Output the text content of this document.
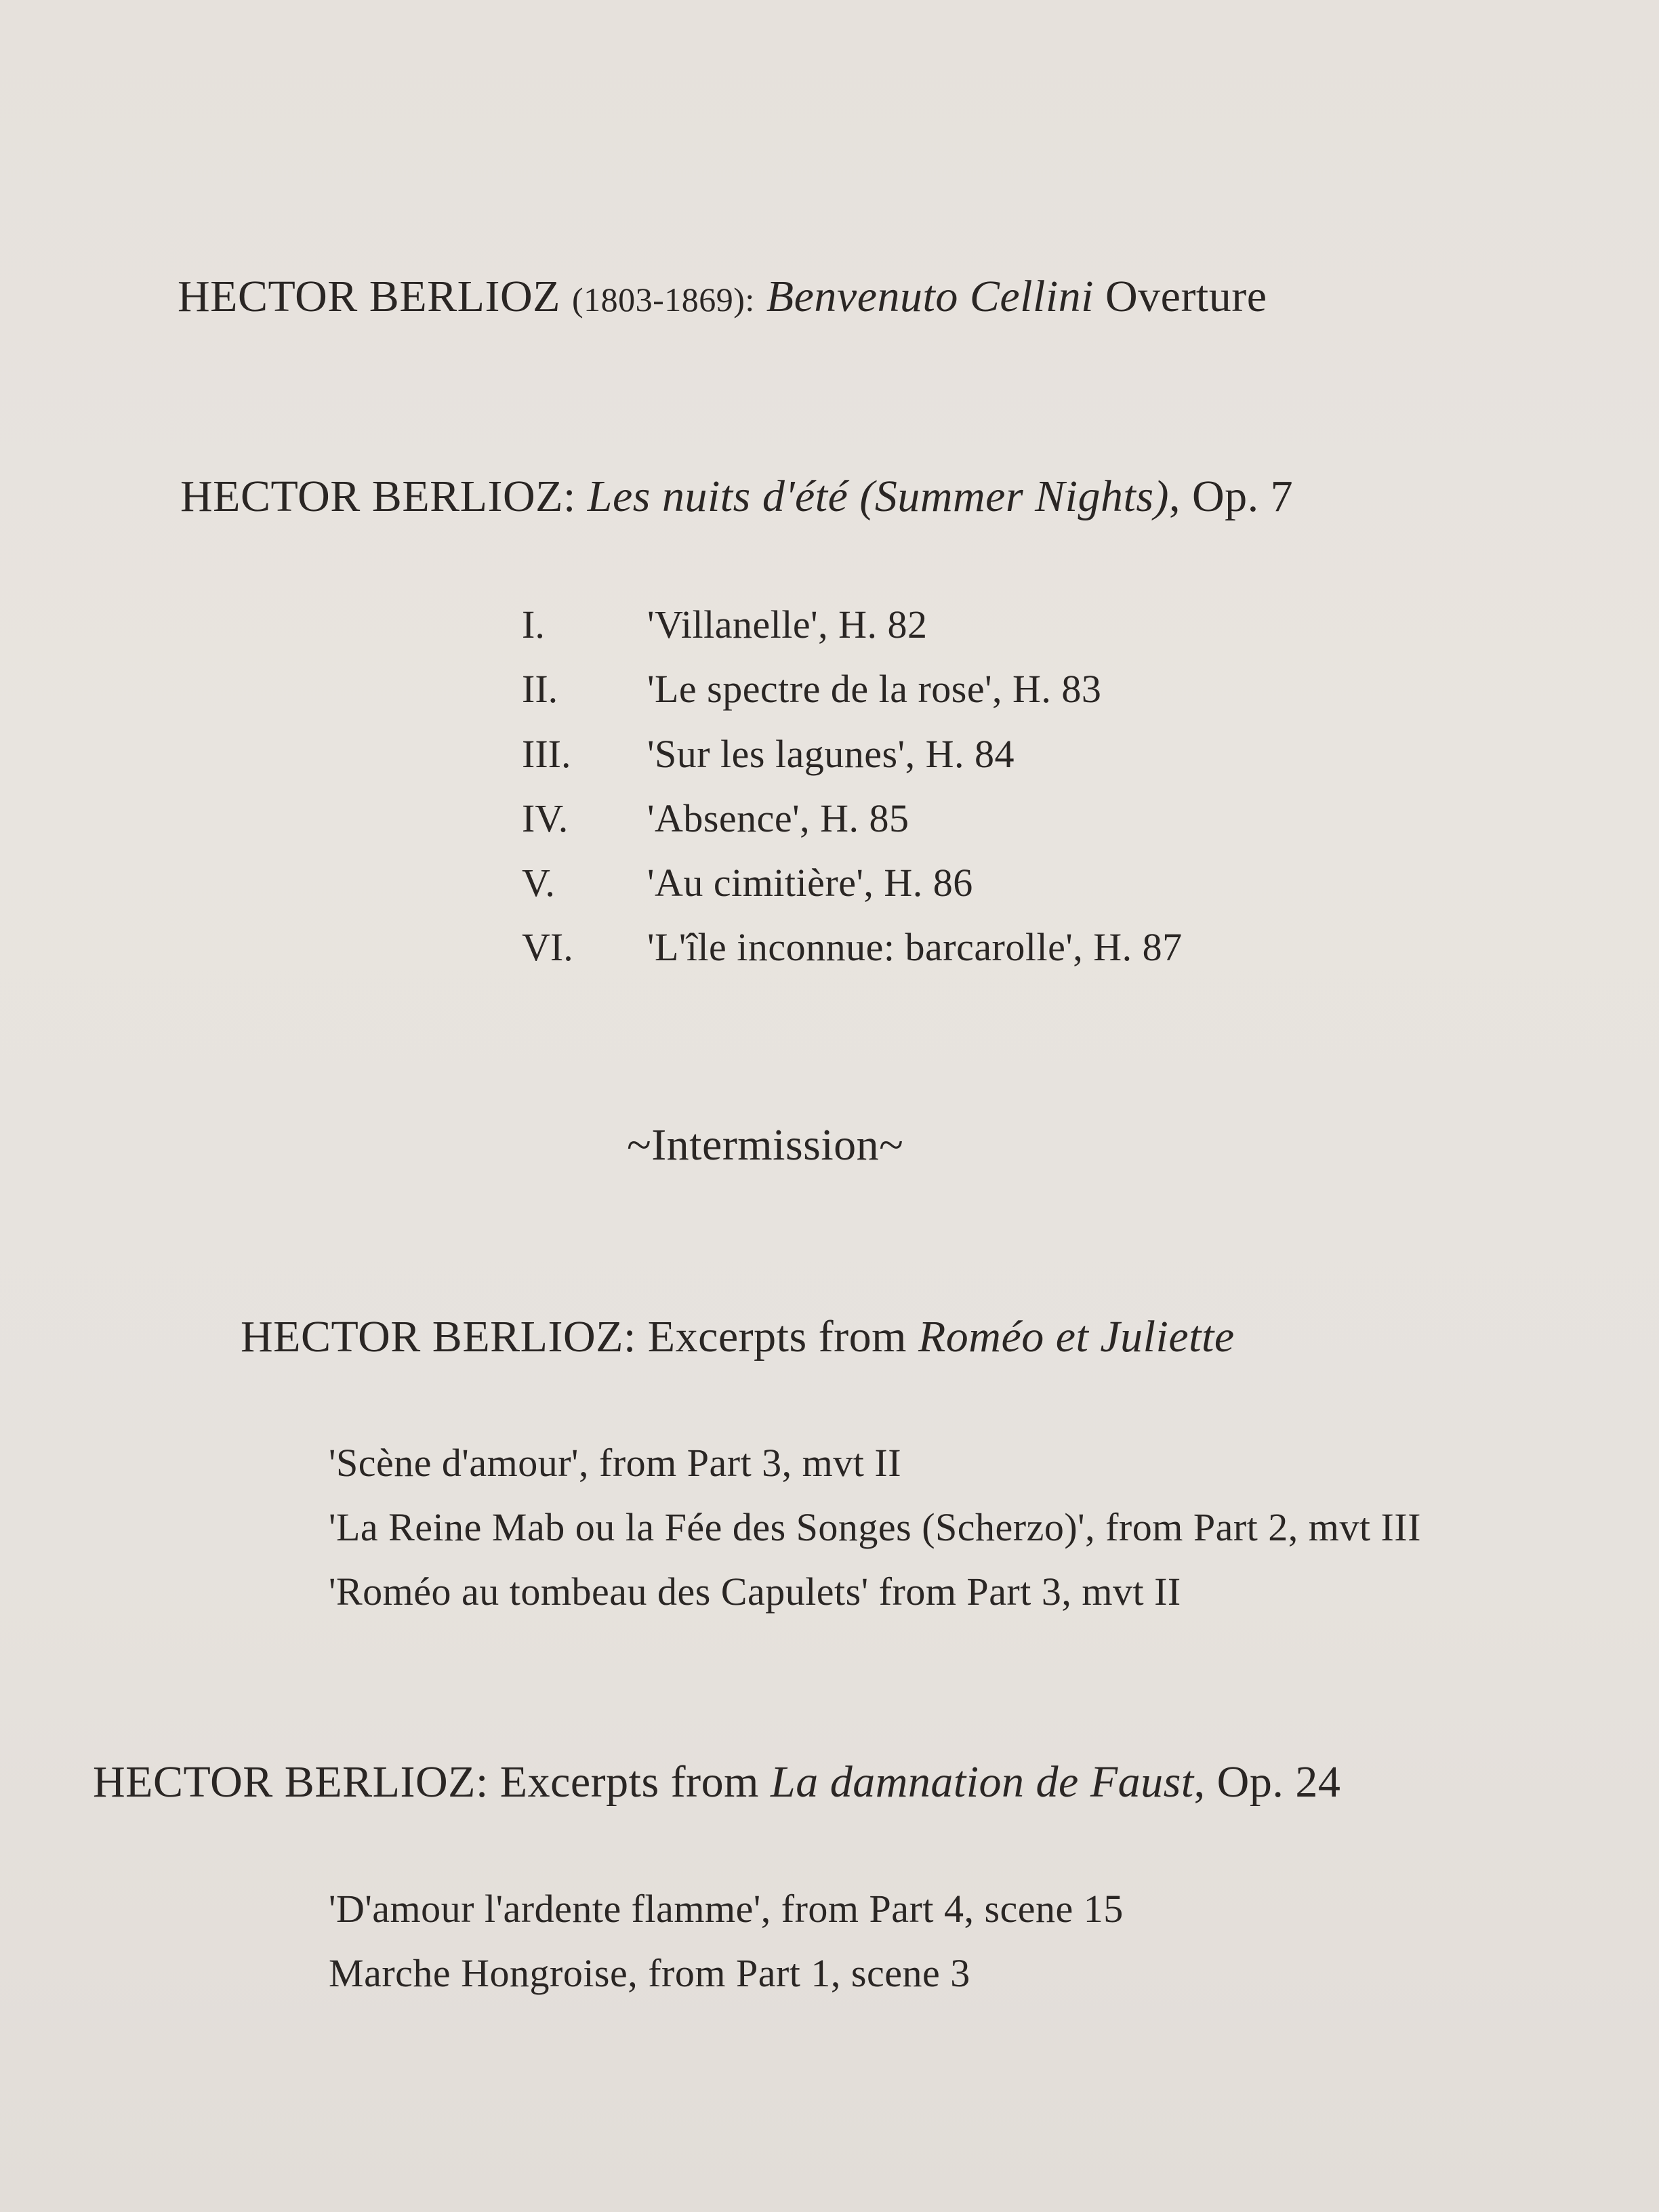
HECTOR BERLIOZ (1803-1869): Benvenuto Cellini Overture
HECTOR BERLIOZ: Les nuits d'été (Summer Nights), Op. 7
I.	'Villanelle', H. 82
II. 'Le spectre de la rose', H. 83
III. 'Sur les lagunes', H. 84
IV. 'Absence', H. 85
V. 'Au cimitière', H. 86
VI. 'L'île inconnue: barcarolle', H. 87
~Intermission~
HECTOR BERLIOZ: Excerpts from Roméo et Juliette
'Scène d'amour', from Part 3, mvt II
'La Reine Mab ou la Fée des Songes (Scherzo)', from Part 2, mvt III
'Roméo au tombeau des Capulets' from Part 3, mvt II
HECTOR BERLIOZ: Excerpts from La damnation de Faust, Op. 24
'D'amour l'ardente flamme', from Part 4, scene 15
Marche Hongroise, from Part 1, scene 3
